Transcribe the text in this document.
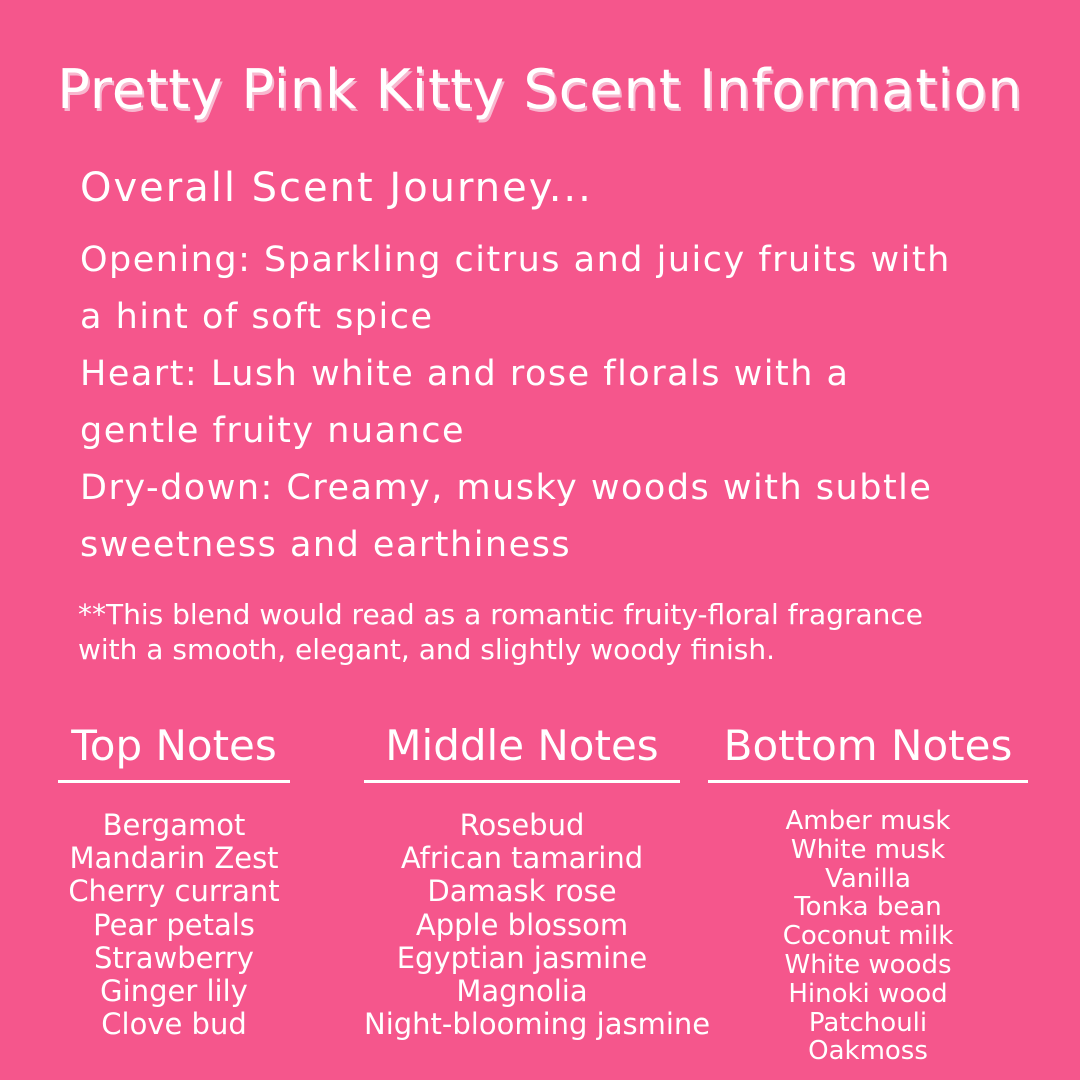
Pretty Pink Kitty Scent Information
Overall Scent Journey...
Opening: Sparkling citrus and juicy fruits with
a hint of soft spice
Heart: Lush white and rose florals with a
gentle fruity nuance
Dry-down: Creamy, musky woods with subtle
sweetness and earthiness
**This blend would read as a romantic fruity-floral fragrance
with a smooth, elegant, and slightly woody finish.
Top Notes
Bergamot
Mandarin Zest
Cherry currant
Pear petals
Strawberry
Ginger lily
Clove bud
Middle Notes
Rosebud
African tamarind
Damask rose
Apple blossom
Egyptian jasmine
Magnolia
Night-blooming jasmine
Bottom Notes
Amber musk
White musk
Vanilla
Tonka bean
Coconut milk
White woods
Hinoki wood
Patchouli
Oakmoss
